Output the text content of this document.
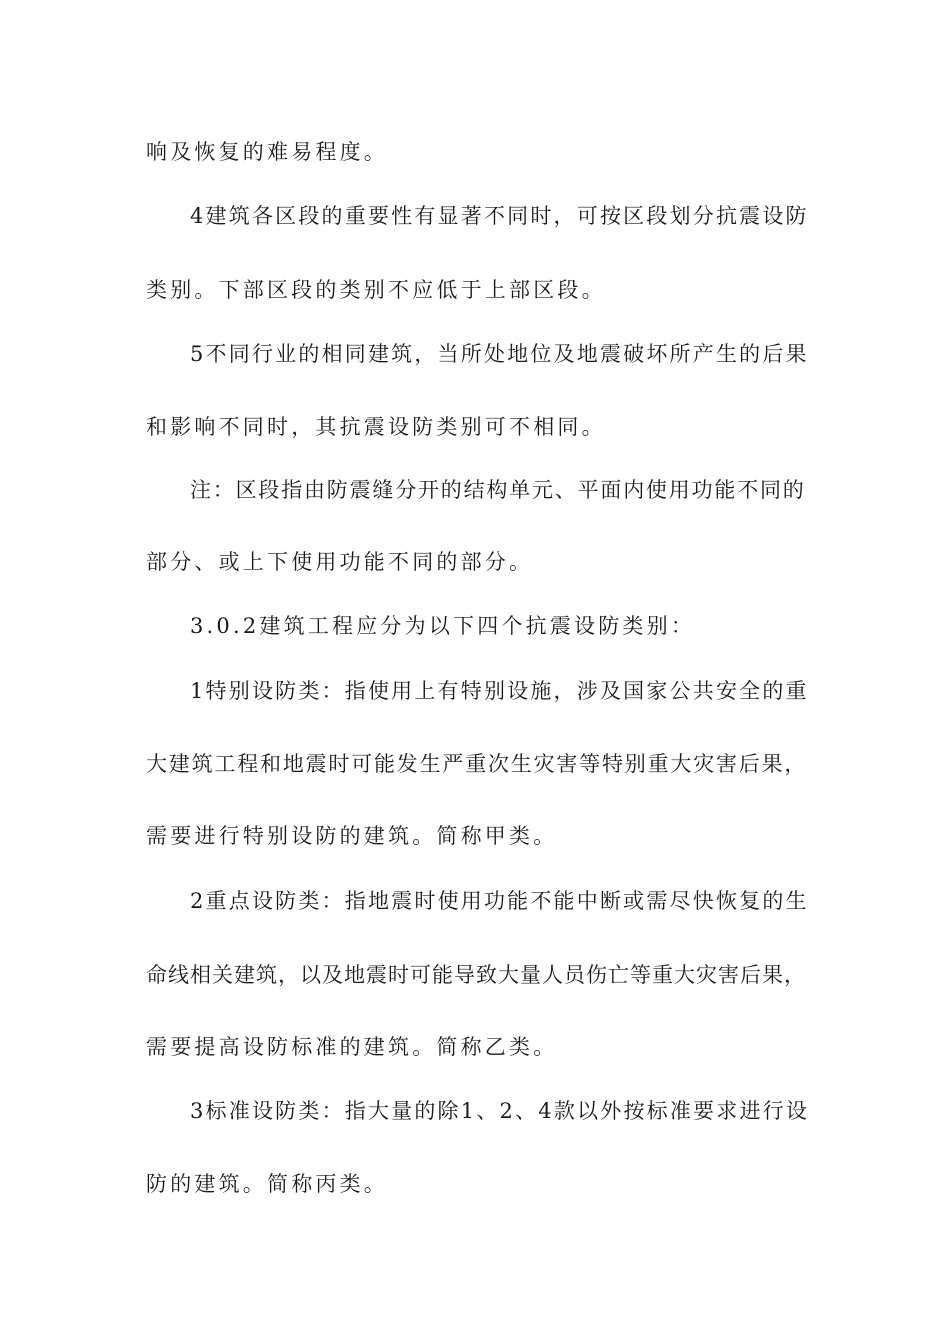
响及恢复的难易程度。
4建筑各区段的重要性有显著不同时，可按区段划分抗震设防
类别。下部区段的类别不应低于上部区段。
5不同行业的相同建筑，当所处地位及地震破坏所产生的后果
和影响不同时，其抗震设防类别可不相同。
注：区段指由防震缝分开的结构单元、平面内使用功能不同的
部分、或上下使用功能不同的部分。
3.0.2建筑工程应分为以下四个抗震设防类别：
1特别设防类：指使用上有特别设施，涉及国家公共安全的重
大建筑工程和地震时可能发生严重次生灾害等特别重大灾害后果，
需要进行特别设防的建筑。简称甲类。
2重点设防类：指地震时使用功能不能中断或需尽快恢复的生
命线相关建筑，以及地震时可能导致大量人员伤亡等重大灾害后果，
需要提高设防标准的建筑。简称乙类。
3标准设防类：指大量的除1、2、4款以外按标准要求进行设
防的建筑。简称丙类。
